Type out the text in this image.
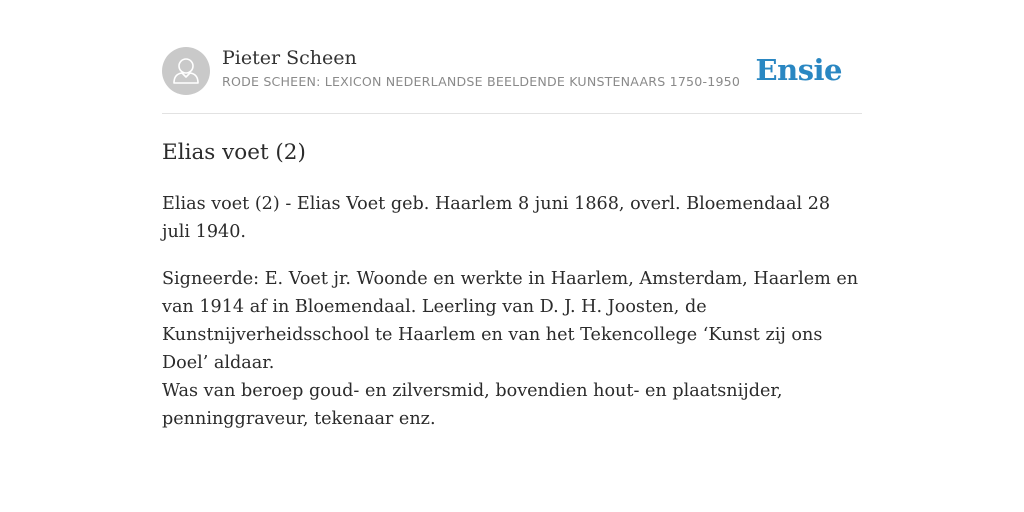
Pieter Scheen
RODE SCHEEN: LEXICON NEDERLANDSE BEELDENDE KUNSTENAARS 1750-1950 Ensie
Elias voet (2)

Elias voet (2) - Elias Voet geb. Haarlem 8 juni 1868, overl. Bloemendaal 28 juli 1940.

Signeerde: E. Voet jr. Woonde en werkte in Haarlem, Amsterdam, Haarlem en van 1914 af in Bloemendaal. Leerling van D. J. H. Joosten, de Kunstnijverheidsschool te Haarlem en van het Tekencollege ‘Kunst zij ons Doel’ aldaar.

Was van beroep goud- en zilversmid, bovendien hout- en plaatsnijder, penninggraveur, tekenaar enz.
